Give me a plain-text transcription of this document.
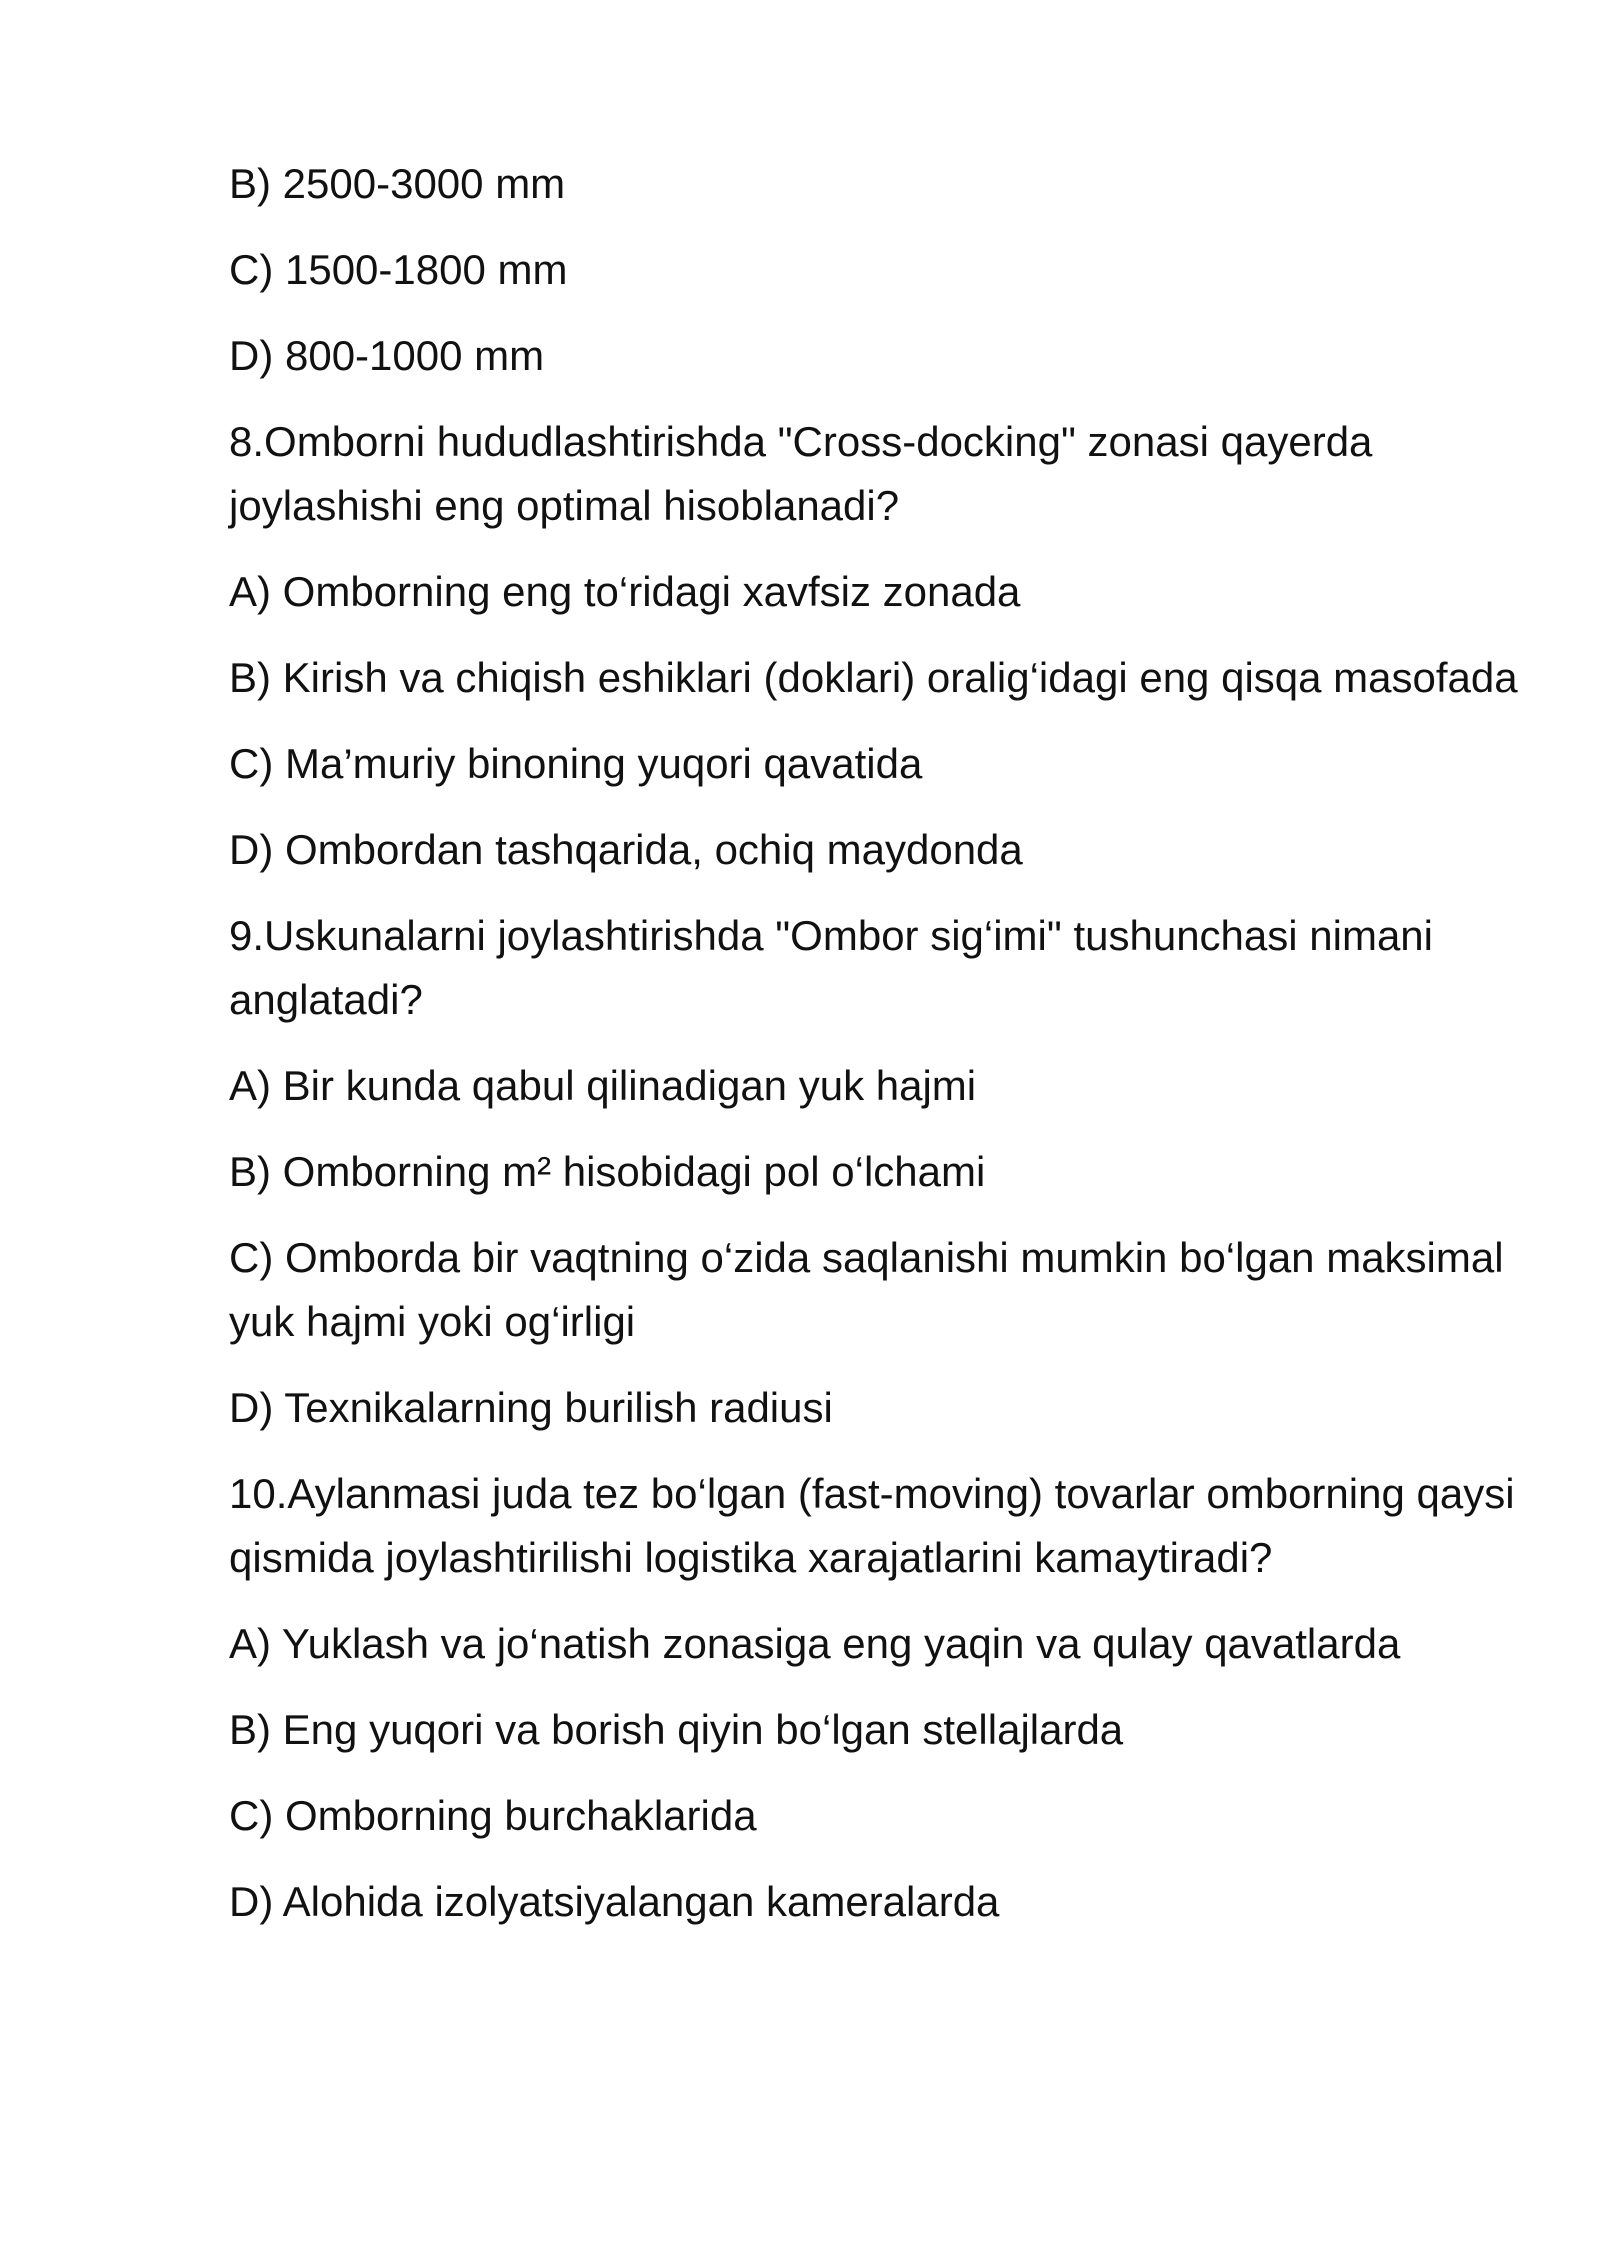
B) 2500-3000 mm
C) 1500-1800 mm
D) 800-1000 mm
8.Omborni hududlashtirishda "Cross-docking" zonasi qayerda joylashishi eng optimal hisoblanadi?
A) Omborning eng to‘ridagi xavfsiz zonada
B) Kirish va chiqish eshiklari (doklari) oralig‘idagi eng qisqa masofada
C) Ma’muriy binoning yuqori qavatida
D) Ombordan tashqarida, ochiq maydonda
9.Uskunalarni joylashtirishda "Ombor sig‘imi" tushunchasi nimani anglatadi?
A) Bir kunda qabul qilinadigan yuk hajmi
B) Omborning m² hisobidagi pol o‘lchami
C) Omborda bir vaqtning o‘zida saqlanishi mumkin bo‘lgan maksimal yuk hajmi yoki og‘irligi
D) Texnikalarning burilish radiusi
10.Aylanmasi juda tez bo‘lgan (fast-moving) tovarlar omborning qaysi qismida joylashtirilishi logistika xarajatlarini kamaytiradi?
A) Yuklash va jo‘natish zonasiga eng yaqin va qulay qavatlarda
B) Eng yuqori va borish qiyin bo‘lgan stellajlarda
C) Omborning burchaklarida
D) Alohida izolyatsiyalangan kameralarda
